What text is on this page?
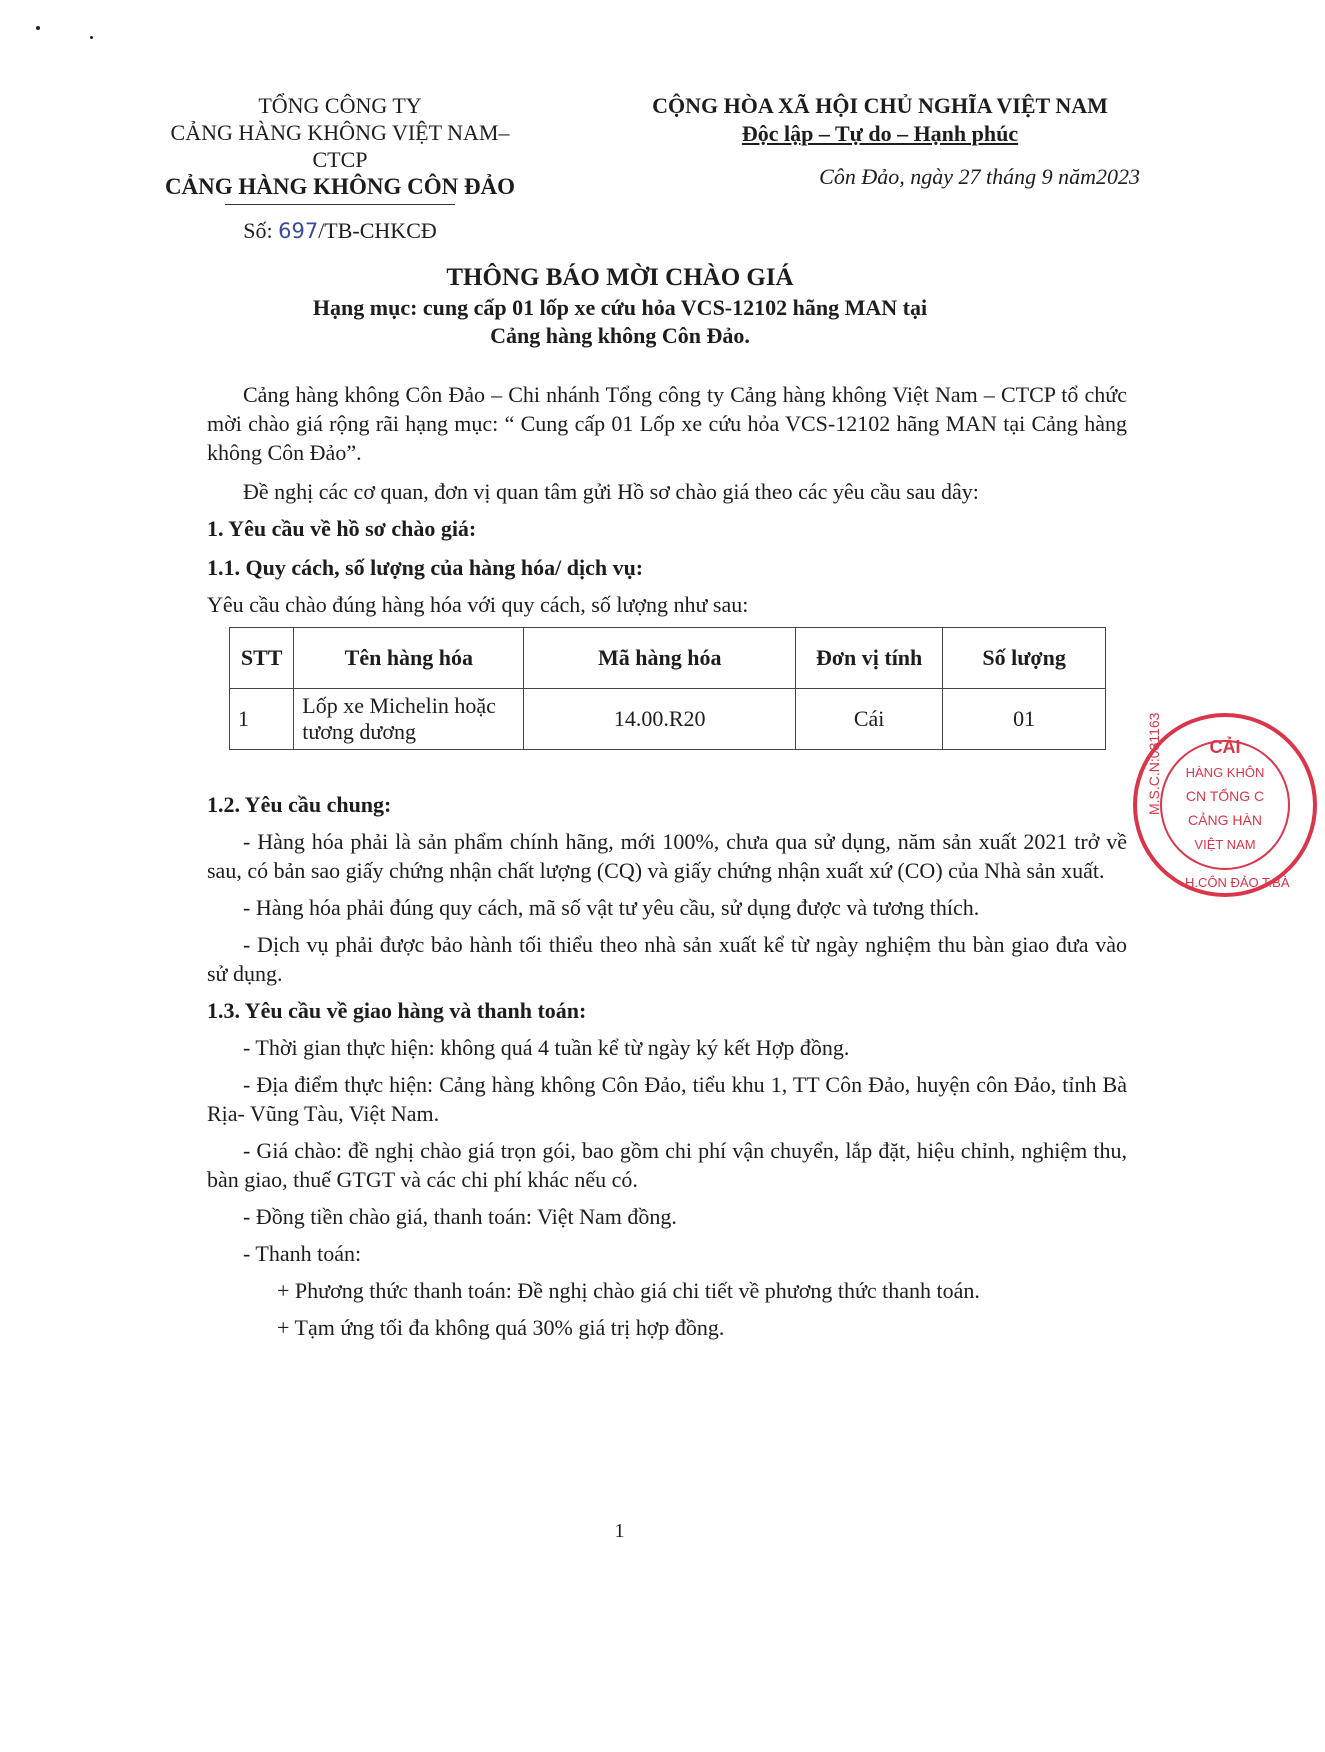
TỔNG CÔNG TY
CẢNG HÀNG KHÔNG VIỆT NAM–CTCP
CẢNG HÀNG KHÔNG CÔN ĐẢO
Số: 697/TB-CHKCĐ
CỘNG HÒA XÃ HỘI CHỦ NGHĨA VIỆT NAM
Độc lập – Tự do – Hạnh phúc
Côn Đảo, ngày 27 tháng 9 năm2023
THÔNG BÁO MỜI CHÀO GIÁ
Hạng mục: cung cấp 01 lốp xe cứu hỏa VCS-12102 hãng MAN tại
Cảng hàng không Côn Đảo.

Cảng hàng không Côn Đảo – Chi nhánh Tổng công ty Cảng hàng không Việt Nam – CTCP tổ chức mời chào giá rộng rãi hạng mục: “ Cung cấp 01 Lốp xe cứu hỏa VCS-12102 hãng MAN tại Cảng hàng không Côn Đảo”.

Đề nghị các cơ quan, đơn vị quan tâm gửi Hồ sơ chào giá theo các yêu cầu sau dây:

1. Yêu cầu về hồ sơ chào giá:

1.1. Quy cách, số lượng của hàng hóa/ dịch vụ:

Yêu cầu chào đúng hàng hóa với quy cách, số lượng như sau:

STT	Tên hàng hóa	Mã hàng hóa	Đơn vị tính	Số lượng
1	Lốp xe Michelin hoặc tương dương	14.00.R20	Cái	01

1.2. Yêu cầu chung:

- Hàng hóa phải là sản phẩm chính hãng, mới 100%, chưa qua sử dụng, năm sản xuất 2021 trở về sau, có bản sao giấy chứng nhận chất lượng (CQ) và giấy chứng nhận xuất xứ (CO) của Nhà sản xuất.

- Hàng hóa phải đúng quy cách, mã số vật tư yêu cầu, sử dụng được và tương thích.

- Dịch vụ phải được bảo hành tối thiểu theo nhà sản xuất kể từ ngày nghiệm thu bàn giao đưa vào sử dụng.

1.3. Yêu cầu về giao hàng và thanh toán:

- Thời gian thực hiện: không quá 4 tuần kể từ ngày ký kết Hợp đồng.

- Địa điểm thực hiện: Cảng hàng không Côn Đảo, tiểu khu 1, TT Côn Đảo, huyện côn Đảo, tỉnh Bà Rịa- Vũng Tàu, Việt Nam.

- Giá chào: đề nghị chào giá trọn gói, bao gồm chi phí vận chuyển, lắp đặt, hiệu chỉnh, nghiệm thu, bàn giao, thuế GTGT và các chi phí khác nếu có.

- Đồng tiền chào giá, thanh toán: Việt Nam đồng.

- Thanh toán:

+ Phương thức thanh toán: Đề nghị chào giá chi tiết về phương thức thanh toán.

+ Tạm ứng tối đa không quá 30% giá trị hợp đồng.

1
CẢI
HÀNG KHÔN
CN TỔNG C
CẢNG HÀN
VIỆT NAM
M.S.C.N:031163
H.CÔN ĐẢO T.BÀ
